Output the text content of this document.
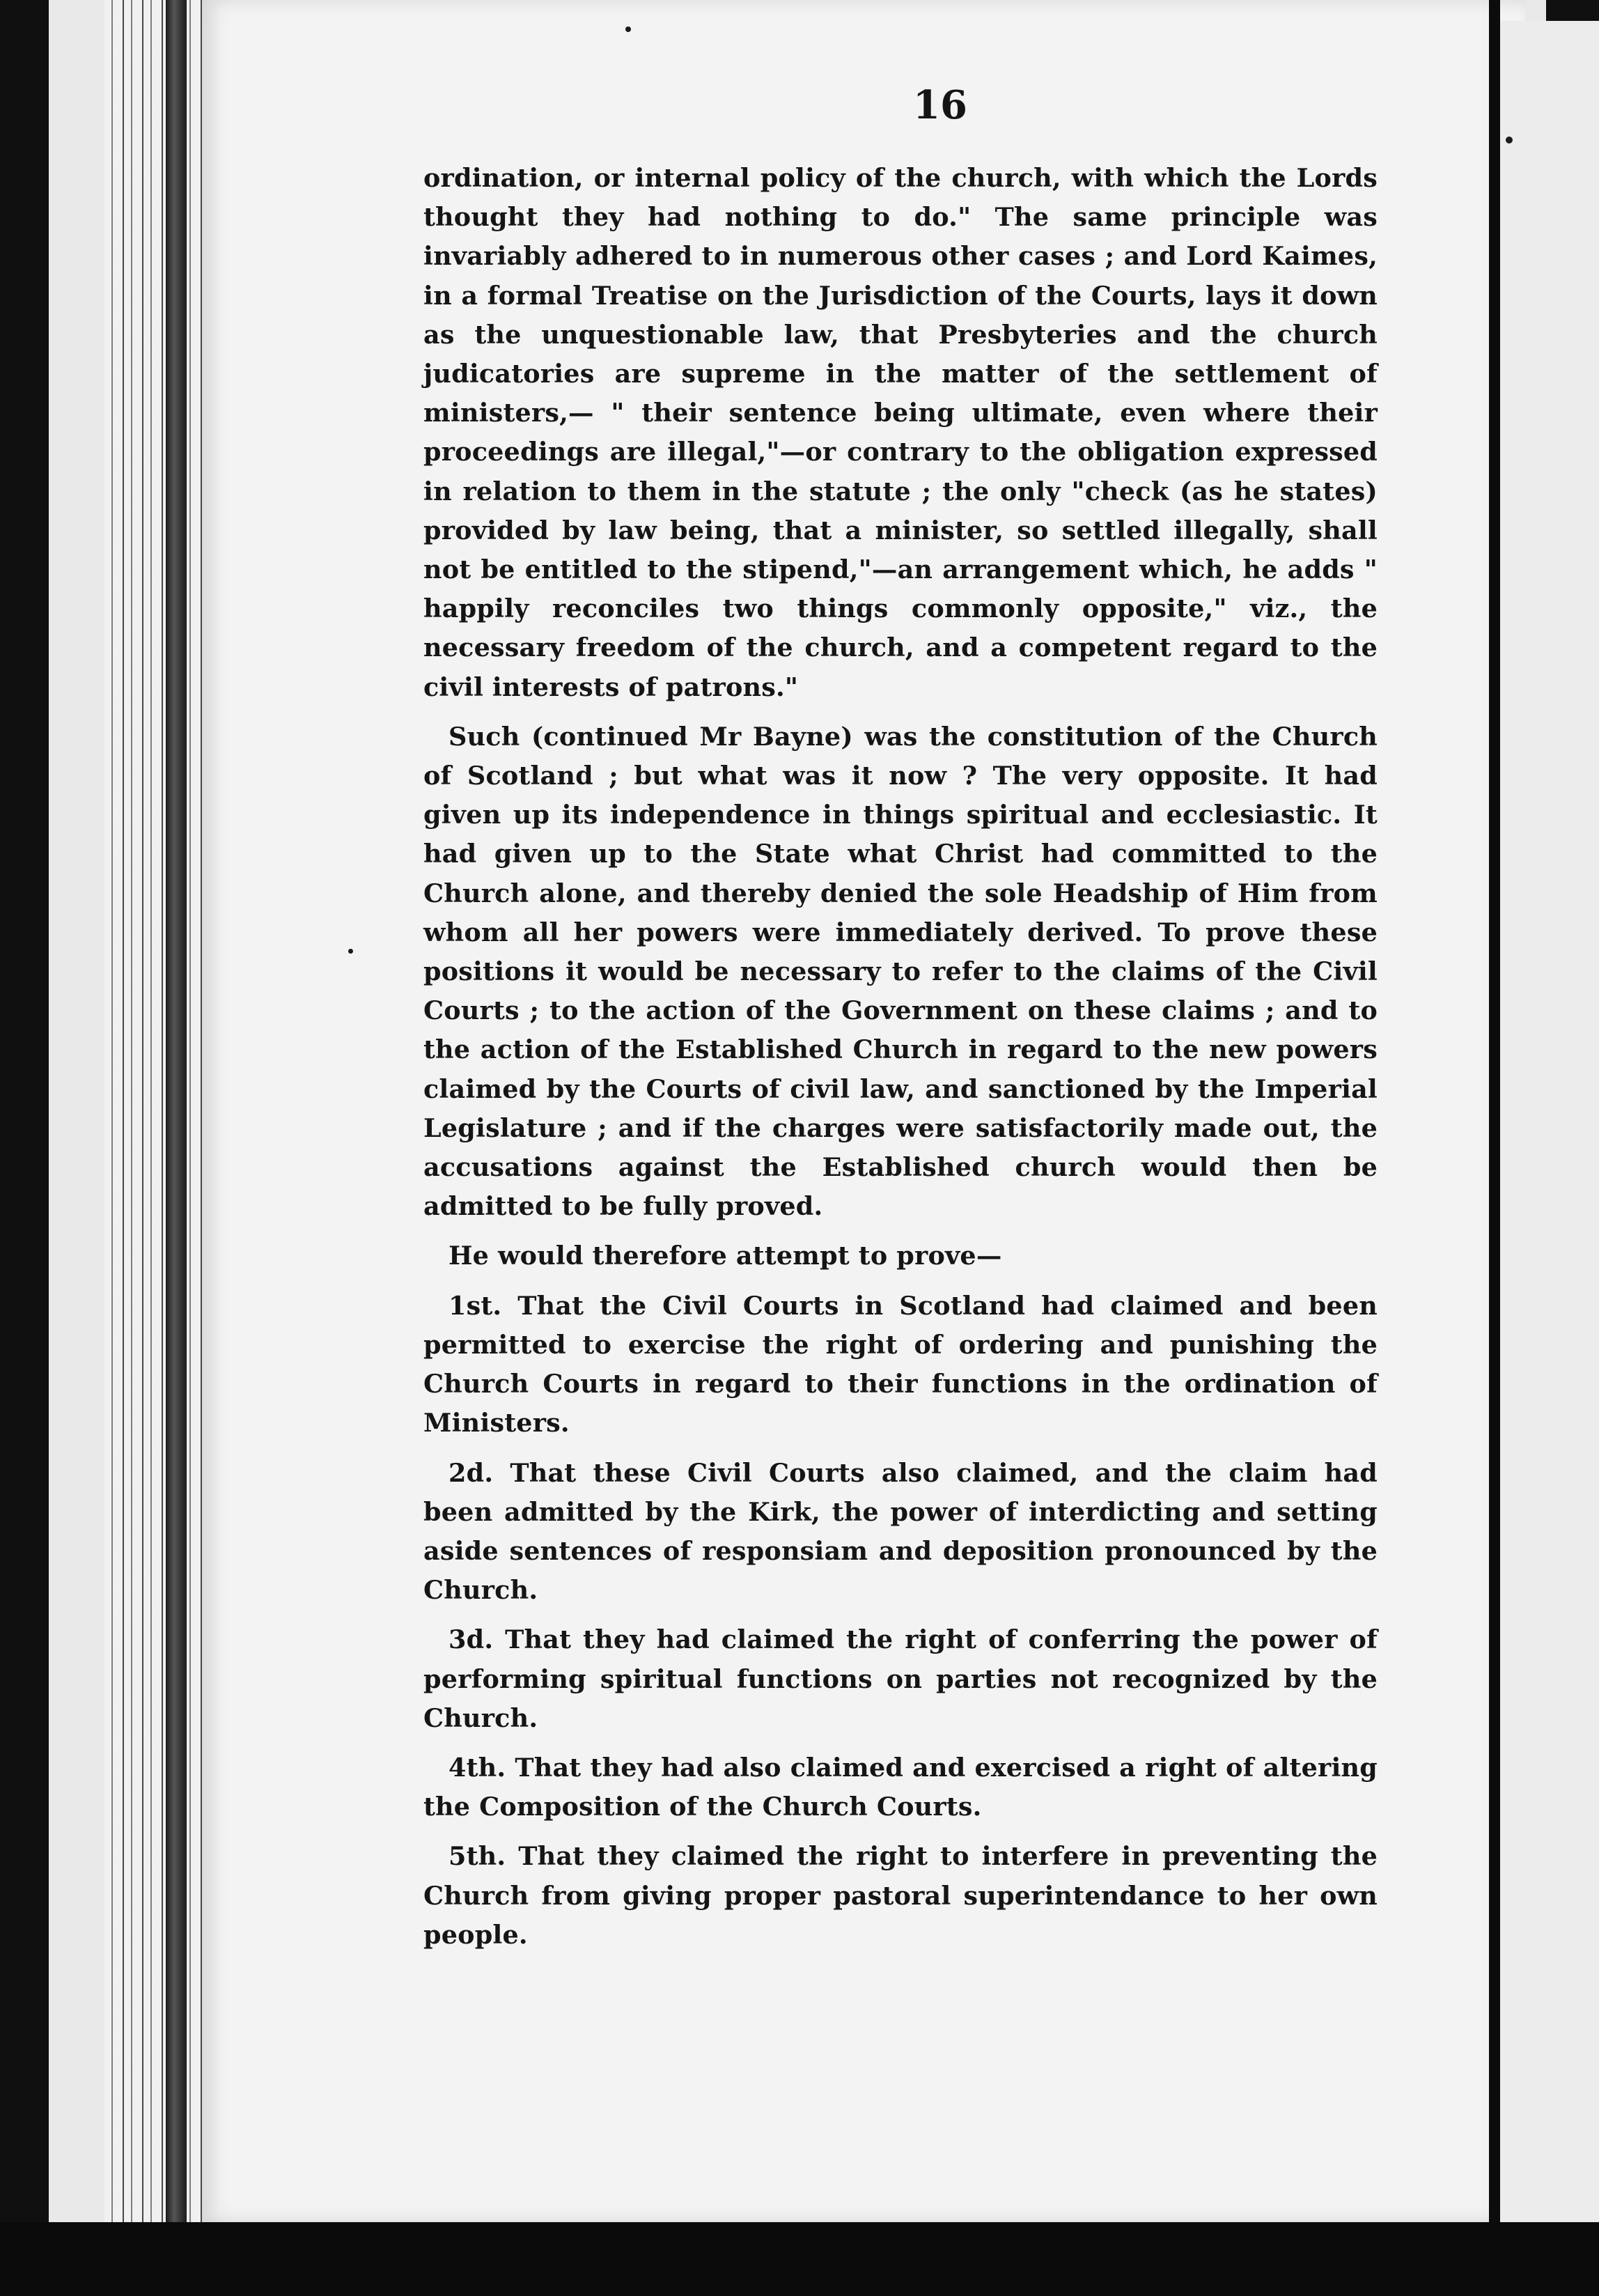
16

ordination, or internal policy of the church, with which the Lords thought they had nothing to do." The same principle was invariably adhered to in numerous other cases ; and Lord Kaimes, in a formal Treatise on the Jurisdiction of the Courts, lays it down as the unquestionable law, that Presbyteries and the church judicatories are supreme in the matter of the settlement of ministers,— " their sentence being ultimate, even where their proceedings are illegal,"—or contrary to the obligation expressed in relation to them in the statute ; the only "check (as he states) provided by law being, that a minister, so settled illegally, shall not be entitled to the stipend,"—an arrangement which, he adds " happily reconciles two things commonly opposite," viz., the necessary freedom of the church, and a competent regard to the civil interests of patrons."

Such (continued Mr Bayne) was the constitution of the Church of Scotland ; but what was it now ? The very opposite. It had given up its independence in things spiritual and ecclesiastic. It had given up to the State what Christ had committed to the Church alone, and thereby denied the sole Headship of Him from whom all her powers were immediately derived. To prove these positions it would be necessary to refer to the claims of the Civil Courts ; to the action of the Government on these claims ; and to the action of the Established Church in regard to the new powers claimed by the Courts of civil law, and sanctioned by the Imperial Legislature ; and if the charges were satisfactorily made out, the accusations against the Established church would then be admitted to be fully proved.

He would therefore attempt to prove—

1st. That the Civil Courts in Scotland had claimed and been permitted to exercise the right of ordering and punishing the Church Courts in regard to their functions in the ordination of Ministers.

2d. That these Civil Courts also claimed, and the claim had been admitted by the Kirk, the power of interdicting and setting aside sentences of responsiam and deposition pronounced by the Church.

3d. That they had claimed the right of conferring the power of performing spiritual functions on parties not recognized by the Church.

4th. That they had also claimed and exercised a right of altering the Composition of the Church Courts.

5th. That they claimed the right to interfere in preventing the Church from giving proper pastoral superintendance to her own people.
